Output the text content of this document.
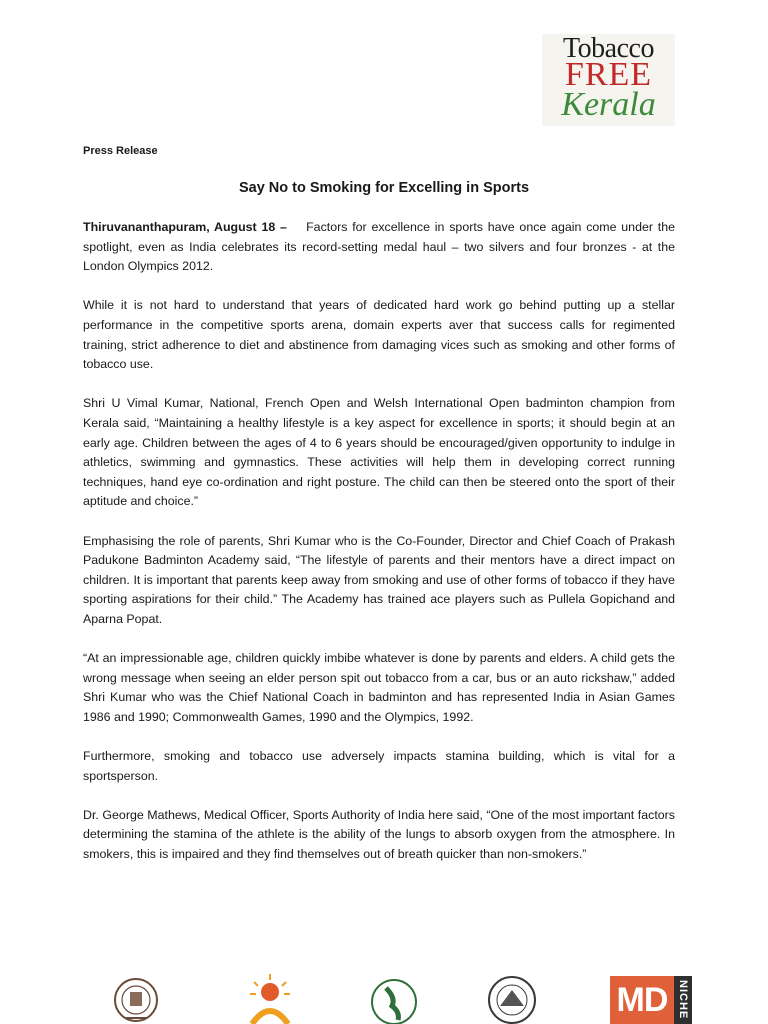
Tobacco
FREE
Kerala
Press Release
Say No to Smoking for Excelling in Sports

Thiruvananthapuram, August 18 – Factors for excellence in sports have once again come under the spotlight, even as India celebrates its record-setting medal haul – two silvers and four bronzes - at the London Olympics 2012.

While it is not hard to understand that years of dedicated hard work go behind putting up a stellar performance in the competitive sports arena, domain experts aver that success calls for regimented training, strict adherence to diet and abstinence from damaging vices such as smoking and other forms of tobacco use.

Shri U Vimal Kumar, National, French Open and Welsh International Open badminton champion from Kerala said, “Maintaining a healthy lifestyle is a key aspect for excellence in sports; it should begin at an early age. Children between the ages of 4 to 6 years should be encouraged/given opportunity to indulge in athletics, swimming and gymnastics. These activities will help them in developing correct running techniques, hand eye co-ordination and right posture. The child can then be steered onto the sport of their aptitude and choice.”

Emphasising the role of parents, Shri Kumar who is the Co-Founder, Director and Chief Coach of Prakash Padukone Badminton Academy said, “The lifestyle of parents and their mentors have a direct impact on children. It is important that parents keep away from smoking and use of other forms of tobacco if they have sporting aspirations for their child.” The Academy has trained ace players such as Pullela Gopichand and Aparna Popat.

“At an impressionable age, children quickly imbibe whatever is done by parents and elders. A child gets the wrong message when seeing an elder person spit out tobacco from a car, bus or an auto rickshaw,” added Shri Kumar who was the Chief National Coach in badminton and has represented India in Asian Games 1986 and 1990; Commonwealth Games, 1990 and the Olympics, 1992.

Furthermore, smoking and tobacco use adversely impacts stamina building, which is vital for a sportsperson.

Dr. George Mathews, Medical Officer, Sports Authority of India here said, “One of the most important factors determining the stamina of the athlete is the ability of the lungs to absorb oxygen from the atmosphere. In smokers, this is impaired and they find themselves out of breath quicker than non-smokers.”

MD NICHE
